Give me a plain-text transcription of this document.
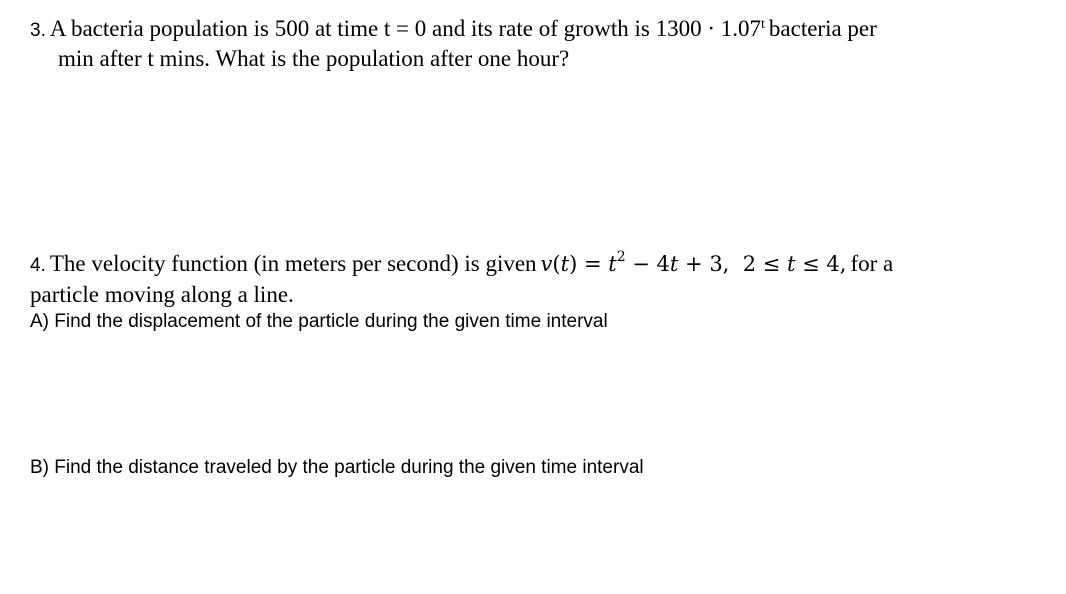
3. A bacteria population is 500 at time t = 0 and its rate of growth is $1300 \cdot 1.07^t$ bacteria per
min after t mins. What is the population after one hour?
4. The velocity function (in meters per second) is given $v(t) = t^2 - 4t + 3$,  2 ≤ t ≤ 4, for a
particle moving along a line.
A) Find the displacement of the particle during the given time interval
B) Find the distance traveled by the particle during the given time interval
